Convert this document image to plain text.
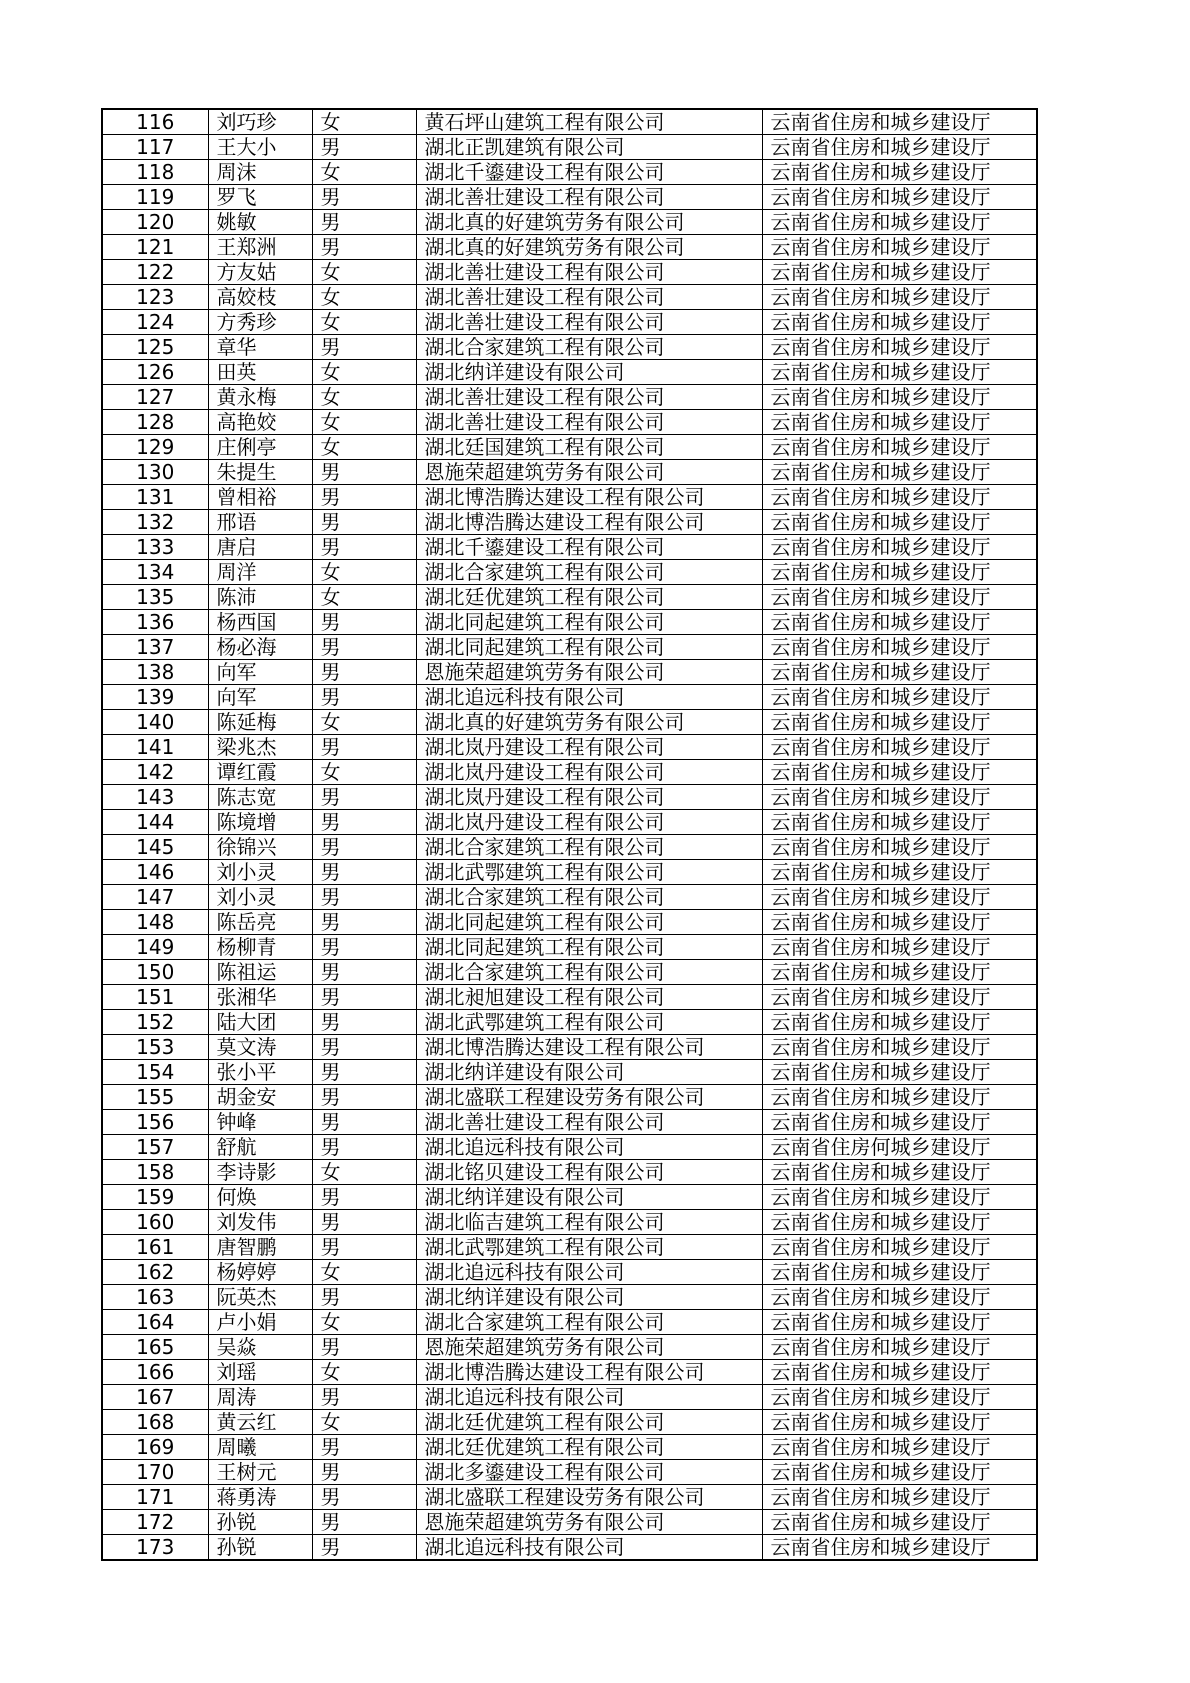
116	刘巧珍	女	黄石坪山建筑工程有限公司	云南省住房和城乡建设厅
117	王大小	男	湖北正凯建筑有限公司	云南省住房和城乡建设厅
118	周沫	女	湖北千鎏建设工程有限公司	云南省住房和城乡建设厅
119	罗飞	男	湖北善壮建设工程有限公司	云南省住房和城乡建设厅
120	姚敏	男	湖北真的好建筑劳务有限公司	云南省住房和城乡建设厅
121	王郑洲	男	湖北真的好建筑劳务有限公司	云南省住房和城乡建设厅
122	方友姑	女	湖北善壮建设工程有限公司	云南省住房和城乡建设厅
123	高姣枝	女	湖北善壮建设工程有限公司	云南省住房和城乡建设厅
124	方秀珍	女	湖北善壮建设工程有限公司	云南省住房和城乡建设厅
125	章华	男	湖北合家建筑工程有限公司	云南省住房和城乡建设厅
126	田英	女	湖北纳详建设有限公司	云南省住房和城乡建设厅
127	黄永梅	女	湖北善壮建设工程有限公司	云南省住房和城乡建设厅
128	高艳姣	女	湖北善壮建设工程有限公司	云南省住房和城乡建设厅
129	庄俐亭	女	湖北廷国建筑工程有限公司	云南省住房和城乡建设厅
130	朱提生	男	恩施荣超建筑劳务有限公司	云南省住房和城乡建设厅
131	曾相裕	男	湖北博浩腾达建设工程有限公司	云南省住房和城乡建设厅
132	邢语	男	湖北博浩腾达建设工程有限公司	云南省住房和城乡建设厅
133	唐启	男	湖北千鎏建设工程有限公司	云南省住房和城乡建设厅
134	周洋	女	湖北合家建筑工程有限公司	云南省住房和城乡建设厅
135	陈沛	女	湖北廷优建筑工程有限公司	云南省住房和城乡建设厅
136	杨西国	男	湖北同起建筑工程有限公司	云南省住房和城乡建设厅
137	杨必海	男	湖北同起建筑工程有限公司	云南省住房和城乡建设厅
138	向军	男	恩施荣超建筑劳务有限公司	云南省住房和城乡建设厅
139	向军	男	湖北追远科技有限公司	云南省住房和城乡建设厅
140	陈延梅	女	湖北真的好建筑劳务有限公司	云南省住房和城乡建设厅
141	梁兆杰	男	湖北岚丹建设工程有限公司	云南省住房和城乡建设厅
142	谭红霞	女	湖北岚丹建设工程有限公司	云南省住房和城乡建设厅
143	陈志宽	男	湖北岚丹建设工程有限公司	云南省住房和城乡建设厅
144	陈境增	男	湖北岚丹建设工程有限公司	云南省住房和城乡建设厅
145	徐锦兴	男	湖北合家建筑工程有限公司	云南省住房和城乡建设厅
146	刘小灵	男	湖北武鄂建筑工程有限公司	云南省住房和城乡建设厅
147	刘小灵	男	湖北合家建筑工程有限公司	云南省住房和城乡建设厅
148	陈岳亮	男	湖北同起建筑工程有限公司	云南省住房和城乡建设厅
149	杨柳青	男	湖北同起建筑工程有限公司	云南省住房和城乡建设厅
150	陈祖运	男	湖北合家建筑工程有限公司	云南省住房和城乡建设厅
151	张湘华	男	湖北昶旭建设工程有限公司	云南省住房和城乡建设厅
152	陆大团	男	湖北武鄂建筑工程有限公司	云南省住房和城乡建设厅
153	莫文涛	男	湖北博浩腾达建设工程有限公司	云南省住房和城乡建设厅
154	张小平	男	湖北纳详建设有限公司	云南省住房和城乡建设厅
155	胡金安	男	湖北盛联工程建设劳务有限公司	云南省住房和城乡建设厅
156	钟峰	男	湖北善壮建设工程有限公司	云南省住房和城乡建设厅
157	舒航	男	湖北追远科技有限公司	云南省住房何城乡建设厅
158	李诗影	女	湖北铭贝建设工程有限公司	云南省住房和城乡建设厅
159	何焕	男	湖北纳详建设有限公司	云南省住房和城乡建设厅
160	刘发伟	男	湖北临吉建筑工程有限公司	云南省住房和城乡建设厅
161	唐智鹏	男	湖北武鄂建筑工程有限公司	云南省住房和城乡建设厅
162	杨婷婷	女	湖北追远科技有限公司	云南省住房和城乡建设厅
163	阮英杰	男	湖北纳详建设有限公司	云南省住房和城乡建设厅
164	卢小娟	女	湖北合家建筑工程有限公司	云南省住房和城乡建设厅
165	吴焱	男	恩施荣超建筑劳务有限公司	云南省住房和城乡建设厅
166	刘瑶	女	湖北博浩腾达建设工程有限公司	云南省住房和城乡建设厅
167	周涛	男	湖北追远科技有限公司	云南省住房和城乡建设厅
168	黄云红	女	湖北廷优建筑工程有限公司	云南省住房和城乡建设厅
169	周曦	男	湖北廷优建筑工程有限公司	云南省住房和城乡建设厅
170	王树元	男	湖北多鎏建设工程有限公司	云南省住房和城乡建设厅
171	蒋勇涛	男	湖北盛联工程建设劳务有限公司	云南省住房和城乡建设厅
172	孙锐	男	恩施荣超建筑劳务有限公司	云南省住房和城乡建设厅
173	孙锐	男	湖北追远科技有限公司	云南省住房和城乡建设厅
